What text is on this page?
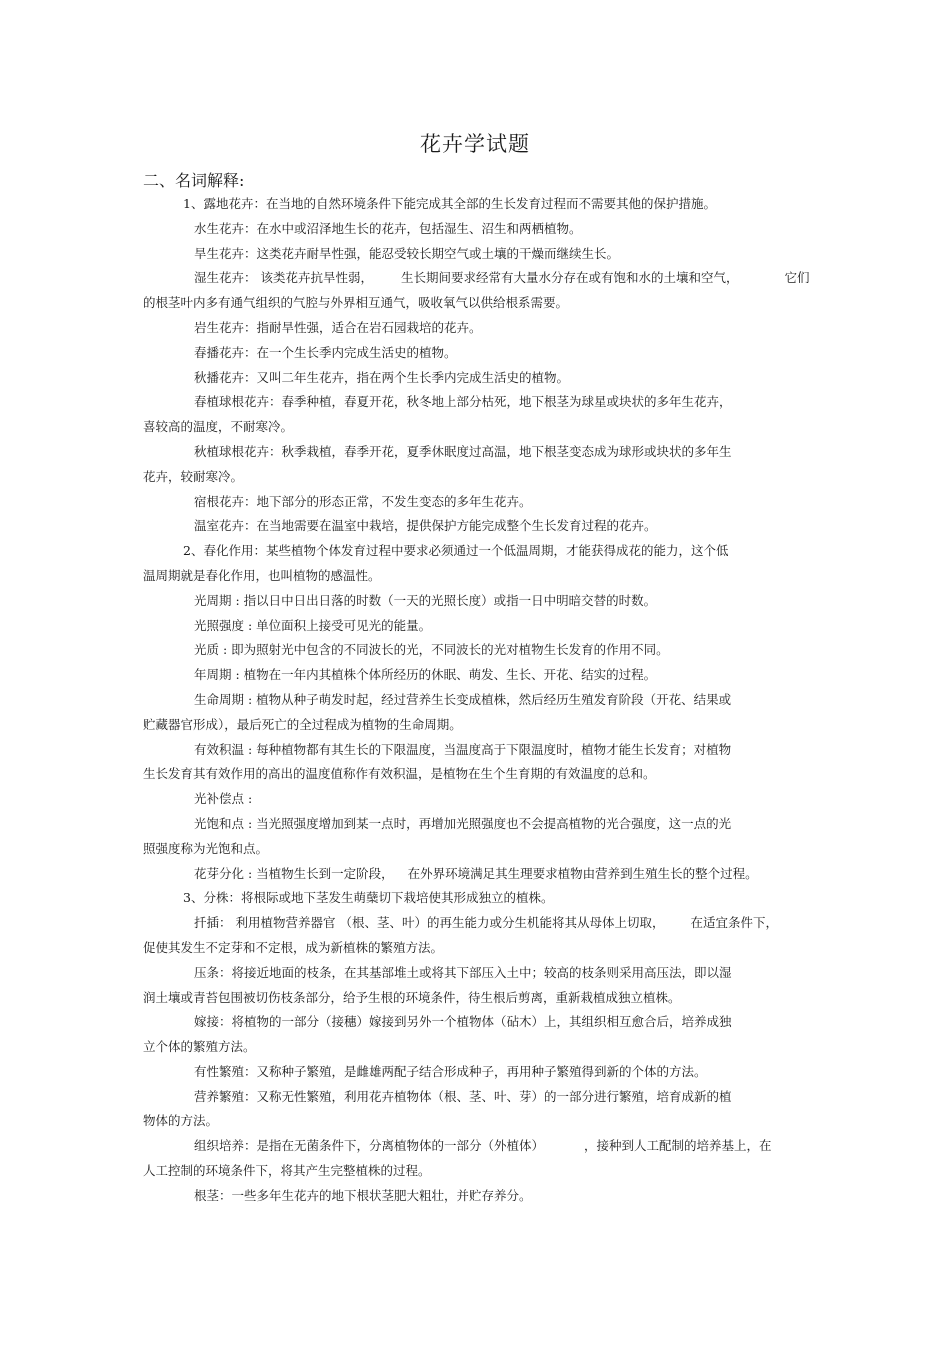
花卉学试题
二、名词解释:
1、露地花卉：在当地的自然环境条件下能完成其全部的生长发育过程而不需要其他的保护措施。
水生花卉：在水中或沼泽地生长的花卉，包括湿生、沼生和两栖植物。
旱生花卉：这类花卉耐旱性强，能忍受较长期空气或土壤的干燥而继续生长。
湿生花卉： 该类花卉抗旱性弱， 生长期间要求经常有大量水分存在或有饱和水的土壤和空气，	它们
的根茎叶内多有通气组织的气腔与外界相互通气，吸收氧气以供给根系需要。
岩生花卉：指耐旱性强，适合在岩石园栽培的花卉。
春播花卉：在一个生长季内完成生活史的植物。
秋播花卉：又叫二年生花卉，指在两个生长季内完成生活史的植物。
春植球根花卉：春季种植，春夏开花，秋冬地上部分枯死，地下根茎为球星或块状的多年生花卉，
喜较高的温度，不耐寒冷。
秋植球根花卉：秋季栽植，春季开花，夏季休眠度过高温，地下根茎变态成为球形或块状的多年生
花卉，较耐寒冷。
宿根花卉：地下部分的形态正常，不发生变态的多年生花卉。
温室花卉：在当地需要在温室中栽培，提供保护方能完成整个生长发育过程的花卉。
2、春化作用：某些植物个体发育过程中要求必须通过一个低温周期，才能获得成花的能力，这个低
温周期就是春化作用，也叫植物的感温性。
光周期 : 指以日中日出日落的时数（一天的光照长度）或指一日中明暗交替的时数。
光照强度 : 单位面积上接受可见光的能量。
光质 : 即为照射光中包含的不同波长的光，不同波长的光对植物生长发育的作用不同。
年周期 : 植物在一年内其植株个体所经历的休眠、萌发、生长、开花、结实的过程。
生命周期 : 植物从种子萌发时起，经过营养生长变成植株，然后经历生殖发育阶段（开花、结果或
贮藏器官形成），最后死亡的全过程成为植物的生命周期。
有效积温 : 每种植物都有其生长的下限温度，当温度高于下限温度时，植物才能生长发育；对植物
生长发育其有效作用的高出的温度值称作有效积温，是植物在生个生育期的有效温度的总和。
光补偿点 :
光饱和点 : 当光照强度增加到某一点时，再增加光照强度也不会提高植物的光合强度，这一点的光
照强度称为光饱和点。
花芽分化 : 当植物生长到一定阶段， 在外界环境满足其生理要求植物由营养到生殖生长的整个过程。
3、分株：将根际或地下茎发生萌蘖切下栽培使其形成独立的植株。
扦插： 利用植物营养器官 （根、茎、叶）的再生能力或分生机能将其从母体上切取， 在适宜条件下，
促使其发生不定芽和不定根，成为新植株的繁殖方法。
压条：将接近地面的枝条，在其基部堆土或将其下部压入土中；较高的枝条则采用高压法，即以湿
润土壤或青苔包围被切伤枝条部分，给予生根的环境条件，待生根后剪离，重新栽植成独立植株。
嫁接：将植物的一部分（接穗）嫁接到另外一个植物体（砧木）上，其组织相互愈合后，培养成独
立个体的繁殖方法。
有性繁殖：又称种子繁殖，是雌雄两配子结合形成种子，再用种子繁殖得到新的个体的方法。
营养繁殖：又称无性繁殖，利用花卉植物体（根、茎、叶、芽）的一部分进行繁殖，培育成新的植
物体的方法。
组织培养：是指在无菌条件下，分离植物体的一部分（外植体）	，接种到人工配制的培养基上，在
人工控制的环境条件下，将其产生完整植株的过程。
根茎：一些多年生花卉的地下根状茎肥大粗壮，并贮存养分。
